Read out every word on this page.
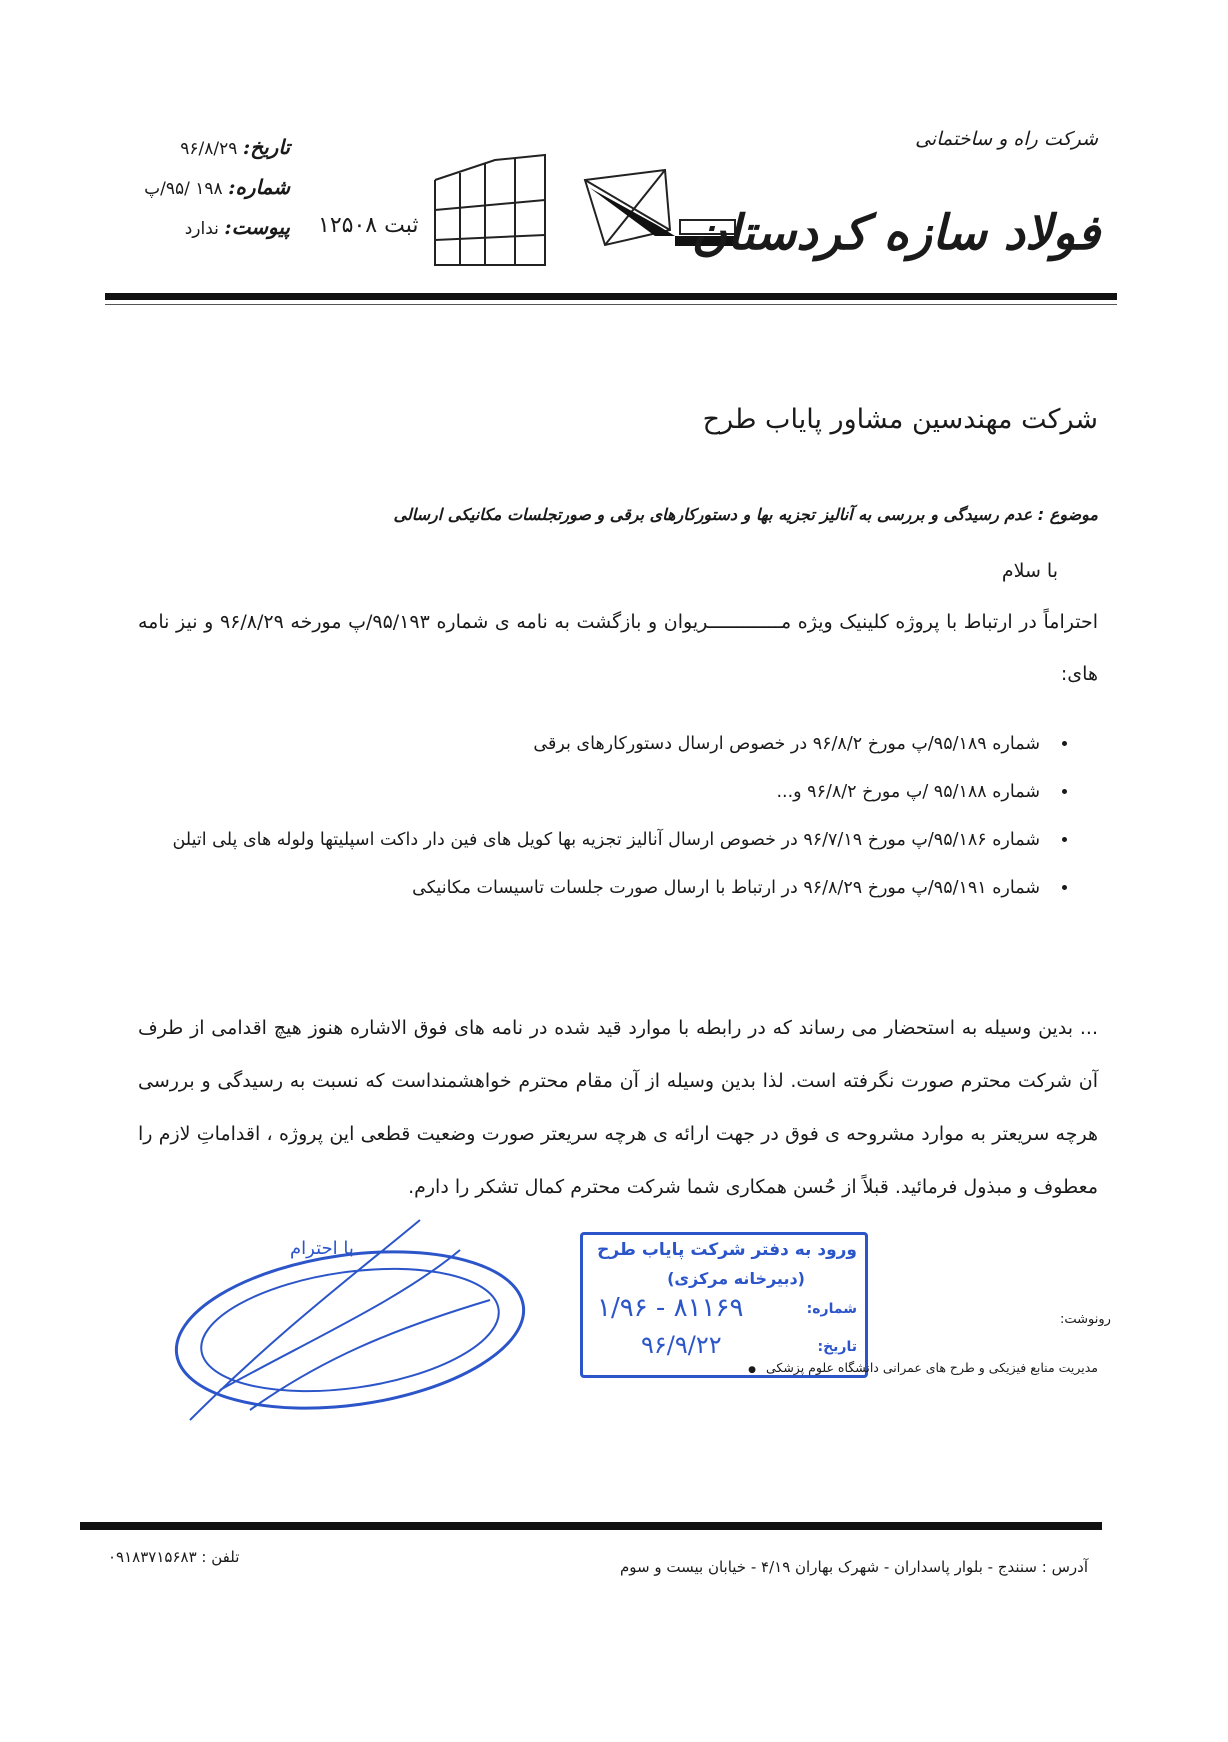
تاریخ: ۹۶/۸/۲۹
شماره: ۱۹۸ /۹۵/پ
پیوست: ندارد	ثبت ۱۲۵۰۸
شرکت راه و ساختمانی
فولاد سازه کردستان
شرکت مهندسین مشاور پایاب طرح
موضوع : عدم رسیدگی و بررسی به آنالیز تجزیه بها و دستورکارهای برقی و صورتجلسات مکانیکی ارسالی
با سلام
احتراماً در ارتباط با پروژه کلینیک ویژه مـــــــــــــریوان و بازگشت به نامه ی شماره ۹۵/۱۹۳/پ مورخه ۹۶/۸/۲۹ و نیز نامه های:
• شماره ۹۵/۱۸۹/پ مورخ ۹۶/۸/۲ در خصوص ارسال دستورکارهای برقی
• شماره ۹۵/۱۸۸ /پ مورخ ۹۶/۸/۲ و...
• شماره ۹۵/۱۸۶/پ مورخ ۹۶/۷/۱۹ در خصوص ارسال آنالیز تجزیه بها کویل های فین دار داکت اسپلیتها ولوله های پلی اتیلن
• شماره ۹۵/۱۹۱/پ مورخ ۹۶/۸/۲۹ در ارتباط با ارسال صورت جلسات تاسیسات مکانیکی
... بدین وسیله به استحضار می رساند که در رابطه با موارد قید شده در نامه های فوق الاشاره هنوز هیچ اقدامی از طرف آن شرکت محترم صورت نگرفته است. لذا بدین وسیله از آن مقام محترم خواهشمنداست که نسبت به رسیدگی و بررسی هرچه سریعتر به موارد مشروحه ی فوق در جهت ارائه ی هرچه سریعتر صورت وضعیت قطعی این پروژه ، اقداماتِ لازم را معطوف و مبذول فرمائید. قبلاً از حُسن همکاری شما شرکت محترم کمال تشکر را دارم.
با احترام	ورود به دفتر شرکت پایاب طرح
(دبیرخانه مرکزی)
شماره:
۸۱۱۶۹ - ۱/۹۶
تاریخ:
۹۶/۹/۲۲
رونوشت:
مدیریت منابع فیزیکی و طرح های عمرانی دانشگاه علوم پزشکی ●
تلفن : ۰۹۱۸۳۷۱۵۶۸۳
آدرس : سنندج - بلوار پاسداران - شهرک بهاران ۴/۱۹ - خیابان بیست و سوم
